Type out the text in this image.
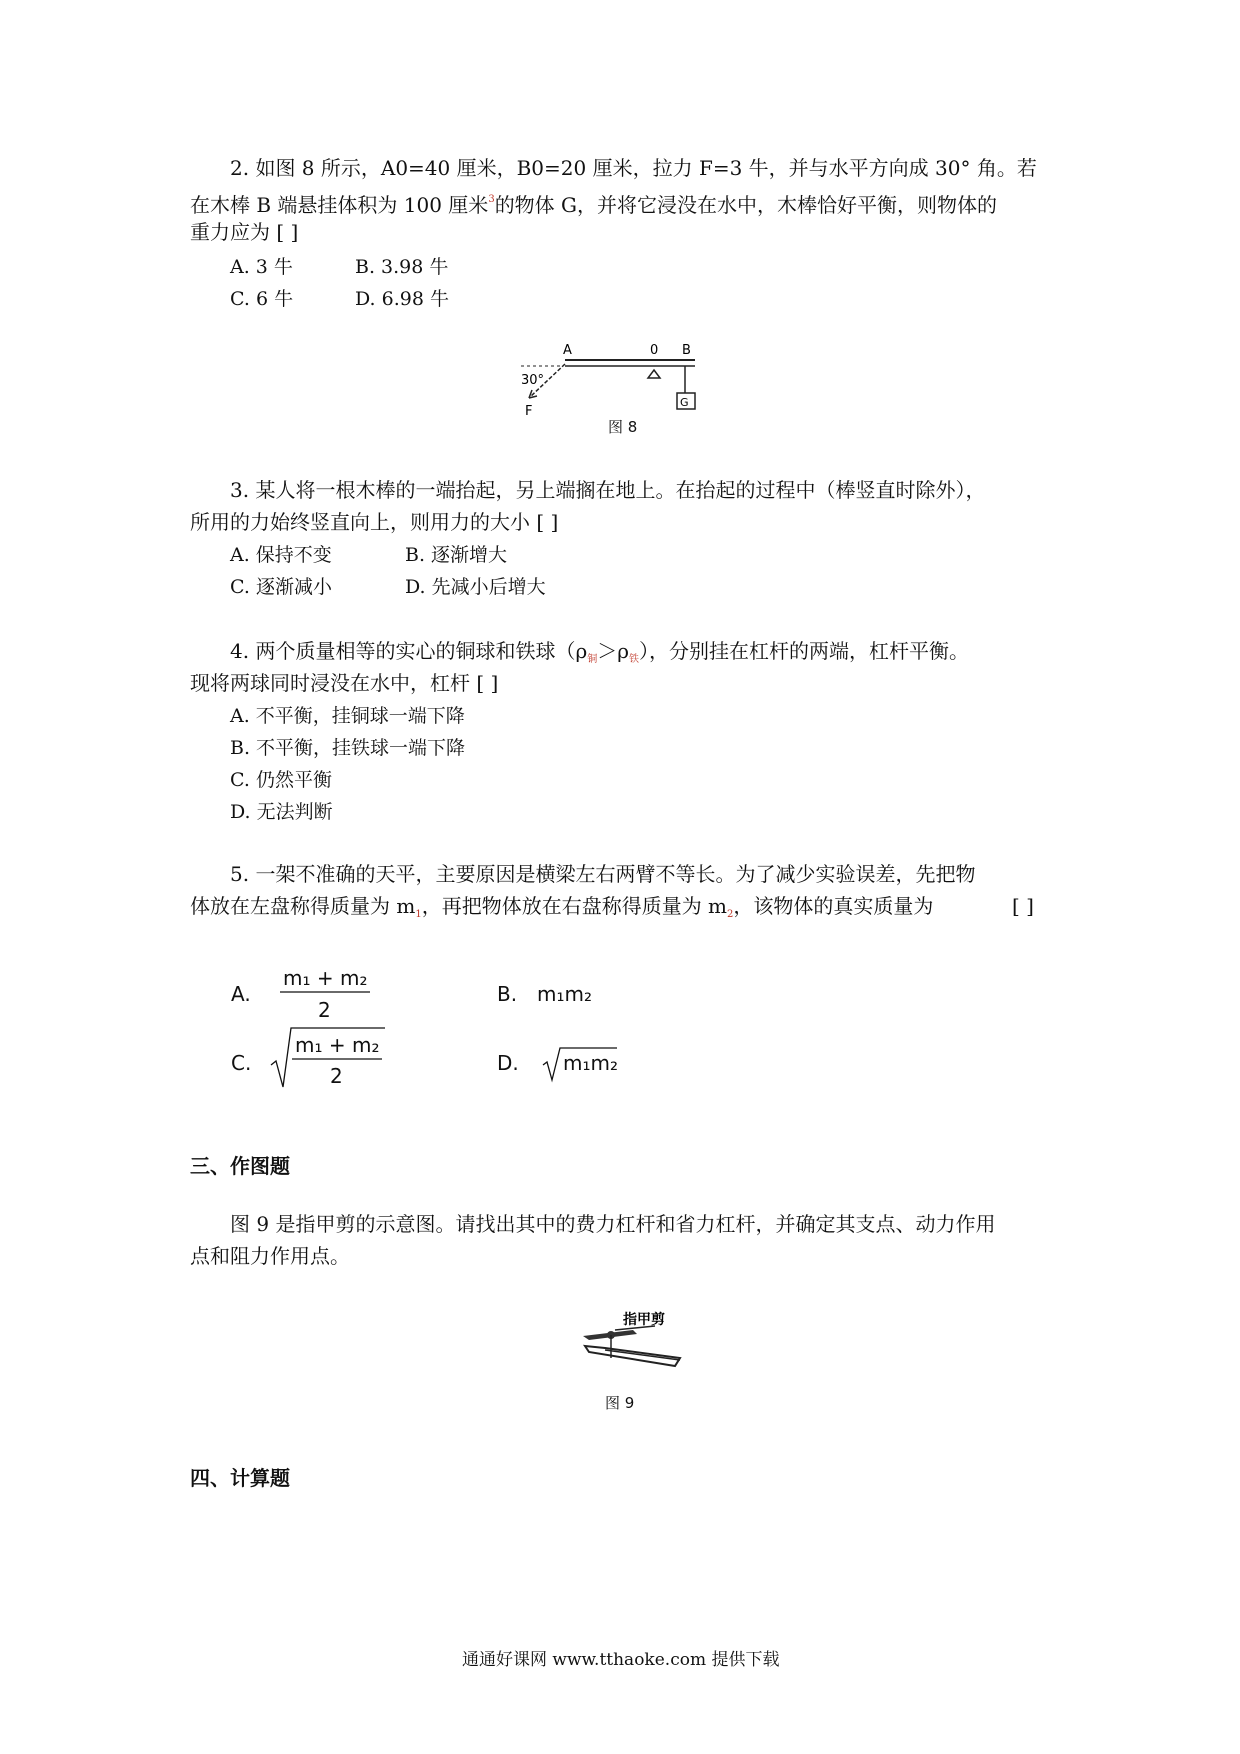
2. 如图 8 所示，A0=40 厘米，B0=20 厘米，拉力 F=3 牛，并与水平方向成 30° 角。若
在木棒 B 端悬挂体积为 100 厘米$^3$的物体 G，并将它浸没在水中，木棒恰好平衡，则物体的
重力应为 [ ]
A. 3 牛	B. 3.98 牛
C. 6 牛	D. 6.98 牛
A	0 B
30°
F
G
图 8
3. 某人将一根木棒的一端抬起，另上端搁在地上。在抬起的过程中（棒竖直时除外），
所用的力始终竖直向上，则用力的大小 [ ]
A. 保持不变	B. 逐渐增大
C. 逐渐减小	D. 先减小后增大
4. 两个质量相等的实心的铜球和铁球$(\rho_铜>\rho_铁)$，分别挂在杠杆的两端，杠杆平衡。
现将两球同时浸没在水中，杠杆 [ ]
A. 不平衡，挂铜球一端下降
B. 不平衡，挂铁球一端下降
C. 仍然平衡
D. 无法判断
5. 一架不准确的天平，主要原因是横梁左右两臂不等长。为了减少实验误差，先把物
体放在左盘称得质量为 $m_1$，再把物体放在右盘称得质量为 $m_2$，该物体的真实质量为	[ ]
A.
m₁ + m₂
2
B. m₁m₂
C.
m₁ + m₂
2
D. m₁m₂
三、作图题
图 9 是指甲剪的示意图。请找出其中的费力杠杆和省力杠杆，并确定其支点、动力作用
点和阻力作用点。
指甲剪
图 9
四、计算题
通通好课网 www.tthaoke.com 提供下载
